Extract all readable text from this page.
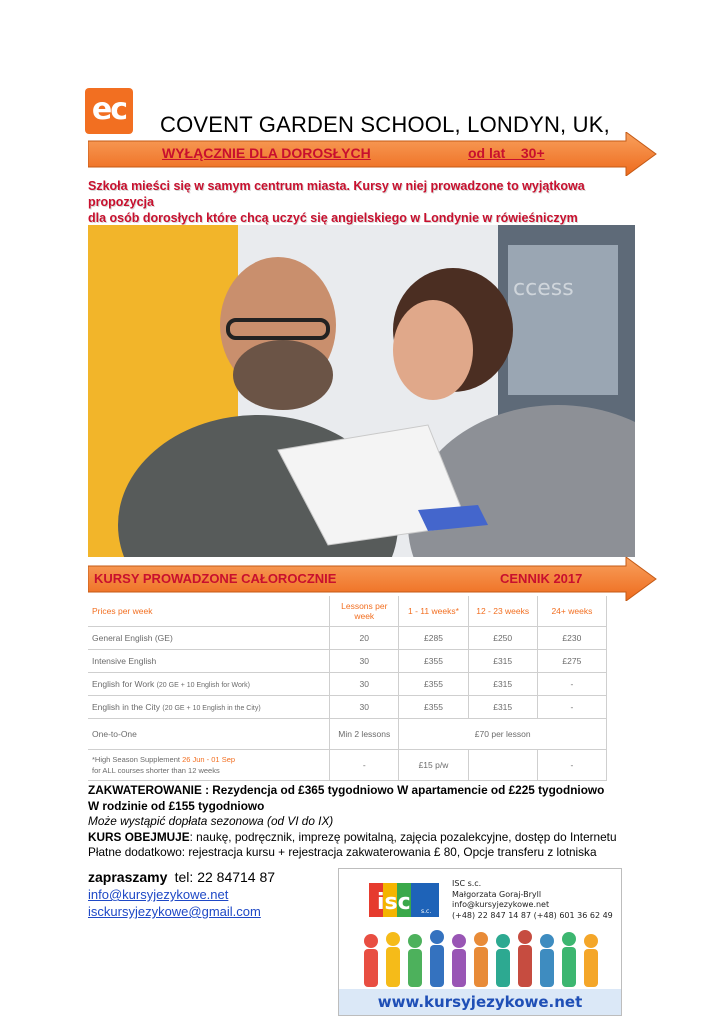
ec	COVENT GARDEN SCHOOL, LONDYN, UK,
WYŁĄCZNIE DLA DOROSŁYCH	od lat    30+
Szkoła mieści się w samym centrum miasta. Kursy w niej prowadzone to wyjątkowa propozycja
dla osób dorosłych które chcą uczyć się angielskiego w Londynie w rówieśniczym
ccess
KURSY PROWADZONE CAŁOROCZNIE	CENNIK 2017
Prices per week	Lessons per week	1 - 11 weeks*	12 - 23 weeks	24+ weeks
General English (GE)	20	£285	£250	£230
Intensive English	30	£355	£315	£275
English for Work (20 GE + 10 English for Work)	30	£355	£315	-
English in the City (20 GE + 10 English in the City)	30	£355	£315	-
One-to-One	Min 2 lessons	£70 per lesson		
*High Season Supplement 26 Jun - 01 Sep
for ALL courses shorter than 12 weeks	-	£15 p/w		-
ZAKWATEROWANIE : Rezydencja od £365 tygodniowo W apartamencie od £225 tygodniowo
W rodzinie od £155 tygodniowo
Może wystąpić dopłata sezonowa (od VI do IX)
KURS OBEJMUJE: naukę, podręcznik, imprezę powitalną, zajęcia pozalekcyjne, dostęp do Internetu
Płatne dodatkowo: rejestracja kursu + rejestracja zakwaterowania £ 80, Opcje transferu z lotniska
zapraszamy tel: 22 84714 87
info@kursyjezykowe.net
isckursyjezykowe@gmail.com	isc s.c.
ISC s.c.
Małgorzata Goraj-Bryll
info@kursyjezykowe.net
(+48) 22 847 14 87 (+48) 601 36 62 49
www.kursyjezykowe.net
